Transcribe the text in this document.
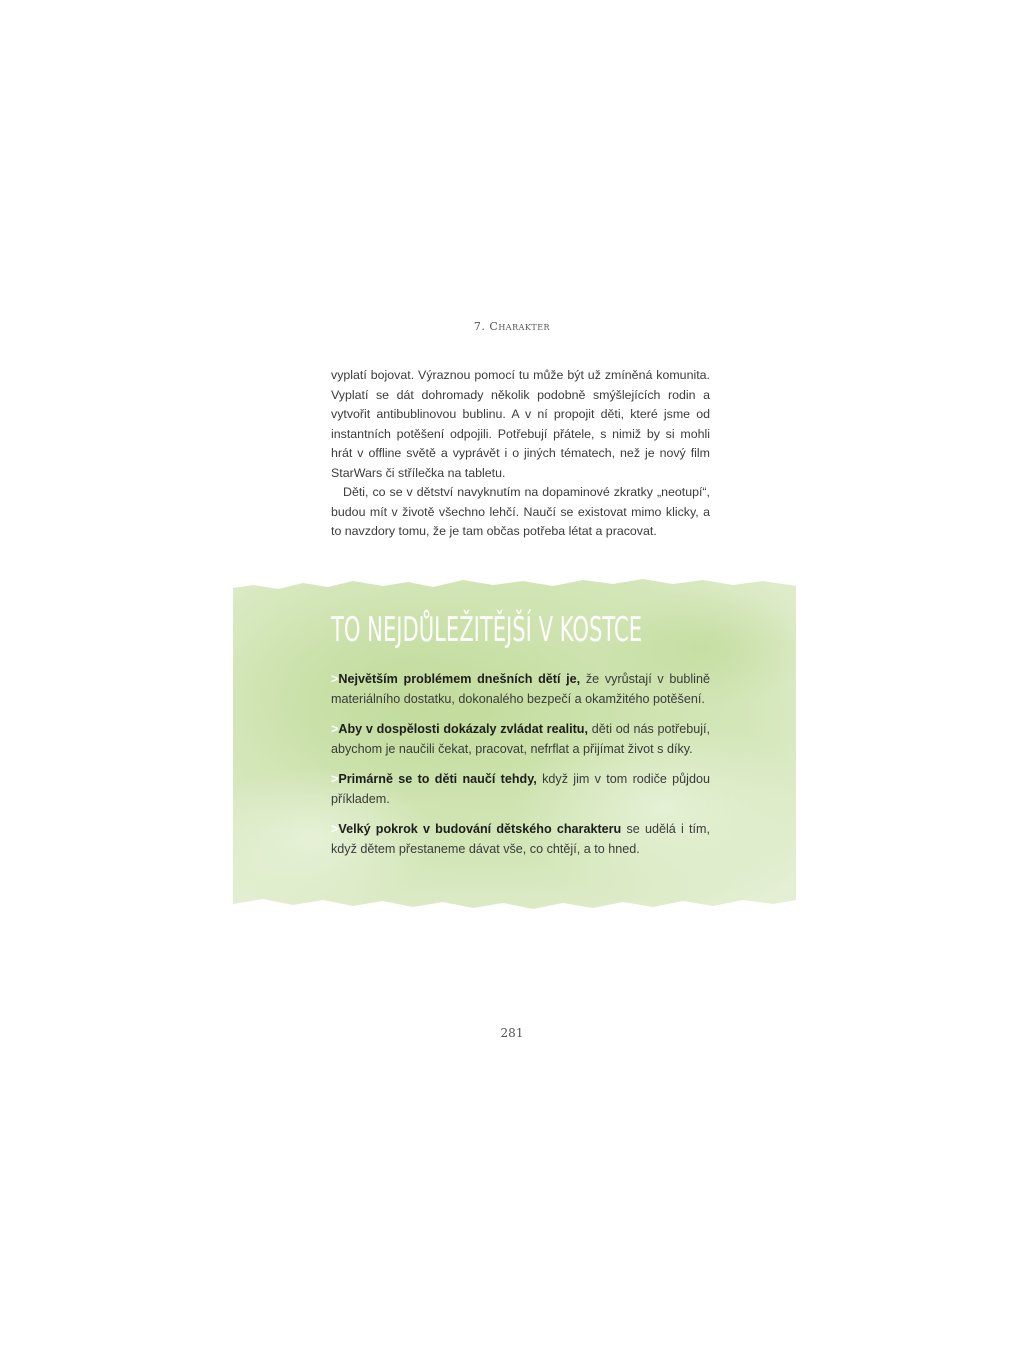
7. Charakter

vyplatí bojovat. Výraznou pomocí tu může být už zmíněná komunita. Vyplatí se dát dohromady několik podobně smýšlejících rodin a vytvořit antibublinovou bublinu. A v ní propojit děti, které jsme od instantních potěšení odpojili. Potřebují přátele, s nimiž by si mohli hrát v offline světě a vyprávět i o jiných tématech, než je nový film StarWars či střílečka na tabletu.

Děti, co se v dětství navyknutím na dopaminové zkratky „neotupí“, budou mít v životě všechno lehčí. Naučí se existovat mimo klicky, a to navzdory tomu, že je tam občas potřeba létat a pracovat.

TO NEJDŮLEŽITĚJŠÍ V KOSTCE

>Největším problémem dnešních dětí je, že vyrůstají v bublině materiálního dostatku, dokonalého bezpečí a okamžitého potěšení.

>Aby v dospělosti dokázaly zvládat realitu, děti od nás potřebují, abychom je naučili čekat, pracovat, nefrflat a přijímat život s díky.

>Primárně se to děti naučí tehdy, když jim v tom rodiče půjdou příkladem.

>Velký pokrok v budování dětského charakteru se udělá i tím, když dětem přestaneme dávat vše, co chtějí, a to hned.

281
